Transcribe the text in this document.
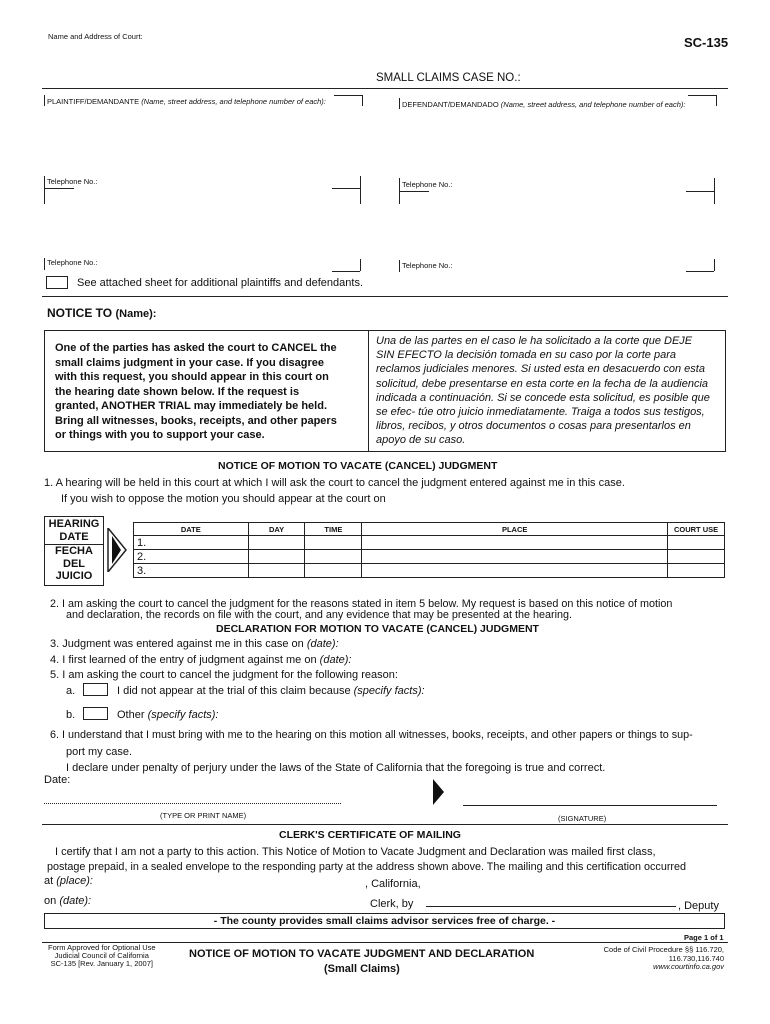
Name and Address of Court:	SC-135
SMALL CLAIMS CASE NO.:
PLAINTIFF/DEMANDANTE (Name, street address, and telephone number of each):
Telephone No.:
Telephone No.:
DEFENDANT/DEMANDADO (Name, street address, and telephone number of each):
Telephone No.:
Telephone No.:
See attached sheet for additional plaintiffs and defendants.
NOTICE TO (Name):
One of the parties has asked the court to CANCEL the
small claims judgment in your case. If you disagree
with this request, you should appear in this court on
the hearing date shown below. If the request is
granted, ANOTHER TRIAL may immediately be held.
Bring all witnesses, books, receipts, and other papers
or things with you to support your case.
Una de las partes en el caso le ha solicitado a la corte que DEJE
SIN EFECTO la decisión tomada en su caso por la corte para
reclamos judiciales menores. Si usted esta en desacuerdo con esta
solicitud, debe presentarse en esta corte en la fecha de la audiencia
indicada a continuación. Si se concede esta solicitud, es posible que
se efec- túe otro juicio inmediatamente. Traiga a todos sus testigos,
libros, recibos, y otros documentos o cosas para presentarlos en
apoyo de su caso.
NOTICE OF MOTION TO VACATE (CANCEL) JUDGMENT
1. A hearing will be held in this court at which I will ask the court to cancel the judgment entered against me in this case.
If you wish to oppose the motion you should appear at the court on
HEARING
DATE
FECHA
DEL
JUICIO
DATE	DAY	TIME	PLACE	COURT USE
1.				
2.				
3.				
2. I am asking the court to cancel the judgment for the reasons stated in item 5 below. My request is based on this notice of motion
and declaration, the records on file with the court, and any evidence that may be presented at the hearing.
DECLARATION FOR MOTION TO VACATE (CANCEL) JUDGMENT
3. Judgment was entered against me in this case on (date):
4. I first learned of the entry of judgment against me on (date):
5. I am asking the court to cancel the judgment for the following reason:
a.	I did not appear at the trial of this claim because (specify facts):
b.	Other (specify facts):
6. I understand that I must bring with me to the hearing on this motion all witnesses, books, receipts, and other papers or things to sup-
port my case.
I declare under penalty of perjury under the laws of the State of California that the foregoing is true and correct.
Date:
(TYPE OR PRINT NAME)	(SIGNATURE)
CLERK'S CERTIFICATE OF MAILING
I certify that I am not a party to this action. This Notice of Motion to Vacate Judgment and Declaration was mailed first class,
postage prepaid, in a sealed envelope to the responding party at the address shown above. The mailing and this certification occurred
at (place):	, California,
on (date):	Clerk, by	, Deputy
- The county provides small claims advisor services free of charge. -
Page 1 of 1
Form Approved for Optional Use
Judicial Council of California
SC-135 [Rev. January 1, 2007]
NOTICE OF MOTION TO VACATE JUDGMENT AND DECLARATION
(Small Claims)
Code of Civil Procedure §§ 116.720,
116.730,116.740
www.courtinfo.ca.gov
